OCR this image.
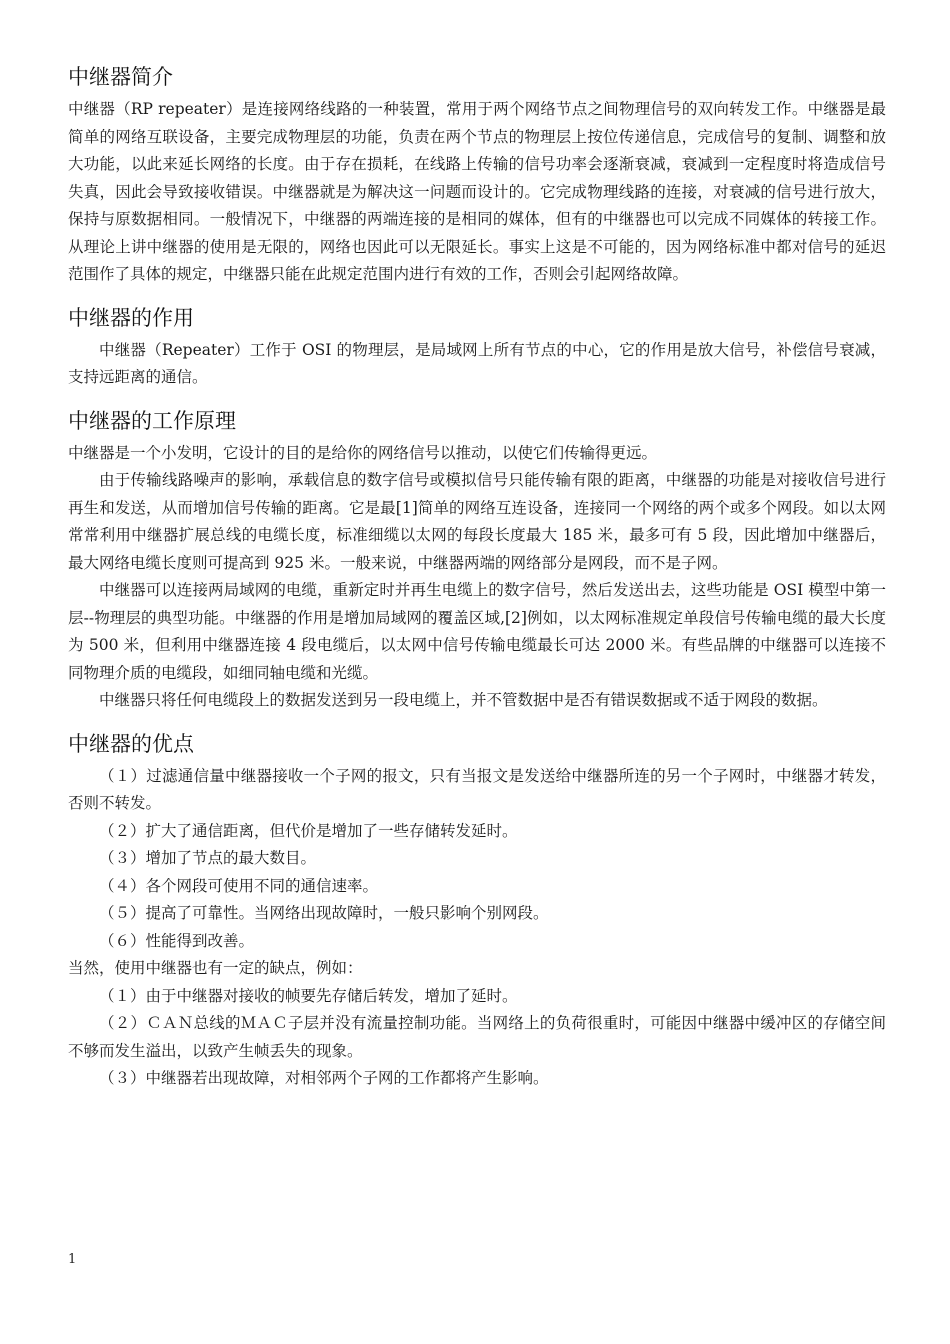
中继器简介

中继器（RP repeater）是连接网络线路的一种装置，常用于两个网络节点之间物理信号的双向转发工作。中继器是最简单的网络互联设备，主要完成物理层的功能，负责在两个节点的物理层上按位传递信息，完成信号的复制、调整和放大功能，以此来延长网络的长度。由于存在损耗，在线路上传输的信号功率会逐渐衰减，衰减到一定程度时将造成信号失真，因此会导致接收错误。中继器就是为解决这一问题而设计的。它完成物理线路的连接，对衰减的信号进行放大，保持与原数据相同。一般情况下，中继器的两端连接的是相同的媒体，但有的中继器也可以完成不同媒体的转接工作。从理论上讲中继器的使用是无限的，网络也因此可以无限延长。事实上这是不可能的，因为网络标准中都对信号的延迟范围作了具体的规定，中继器只能在此规定范围内进行有效的工作，否则会引起网络故障。

中继器的作用

中继器（Repeater）工作于 OSI 的物理层，是局域网上所有节点的中心，它的作用是放大信号，补偿信号衰减，支持远距离的通信。

中继器的工作原理

中继器是一个小发明，它设计的目的是给你的网络信号以推动，以使它们传输得更远。

由于传输线路噪声的影响，承载信息的数字信号或模拟信号只能传输有限的距离，中继器的功能是对接收信号进行再生和发送，从而增加信号传输的距离。它是最[1]简单的网络互连设备，连接同一个网络的两个或多个网段。如以太网常常利用中继器扩展总线的电缆长度，标准细缆以太网的每段长度最大 185 米，最多可有 5 段，因此增加中继器后，最大网络电缆长度则可提高到 925 米。一般来说，中继器两端的网络部分是网段，而不是子网。

中继器可以连接两局域网的电缆，重新定时并再生电缆上的数字信号，然后发送出去，这些功能是 OSI 模型中第一层--物理层的典型功能。中继器的作用是增加局域网的覆盖区域,[2]例如，以太网标准规定单段信号传输电缆的最大长度为 500 米，但利用中继器连接 4 段电缆后，以太网中信号传输电缆最长可达 2000 米。有些品牌的中继器可以连接不同物理介质的电缆段，如细同轴电缆和光缆。

中继器只将任何电缆段上的数据发送到另一段电缆上，并不管数据中是否有错误数据或不适于网段的数据。

中继器的优点

（１）过滤通信量中继器接收一个子网的报文，只有当报文是发送给中继器所连的另一个子网时，中继器才转发，否则不转发。

（２）扩大了通信距离，但代价是增加了一些存储转发延时。

（３）增加了节点的最大数目。

（４）各个网段可使用不同的通信速率。

（５）提高了可靠性。当网络出现故障时，一般只影响个别网段。

（６）性能得到改善。

当然，使用中继器也有一定的缺点，例如：

（１）由于中继器对接收的帧要先存储后转发，增加了延时。

（２）ＣＡＮ总线的ＭＡＣ子层并没有流量控制功能。当网络上的负荷很重时，可能因中继器中缓冲区的存储空间不够而发生溢出，以致产生帧丢失的现象。

（３）中继器若出现故障，对相邻两个子网的工作都将产生影响。

1
